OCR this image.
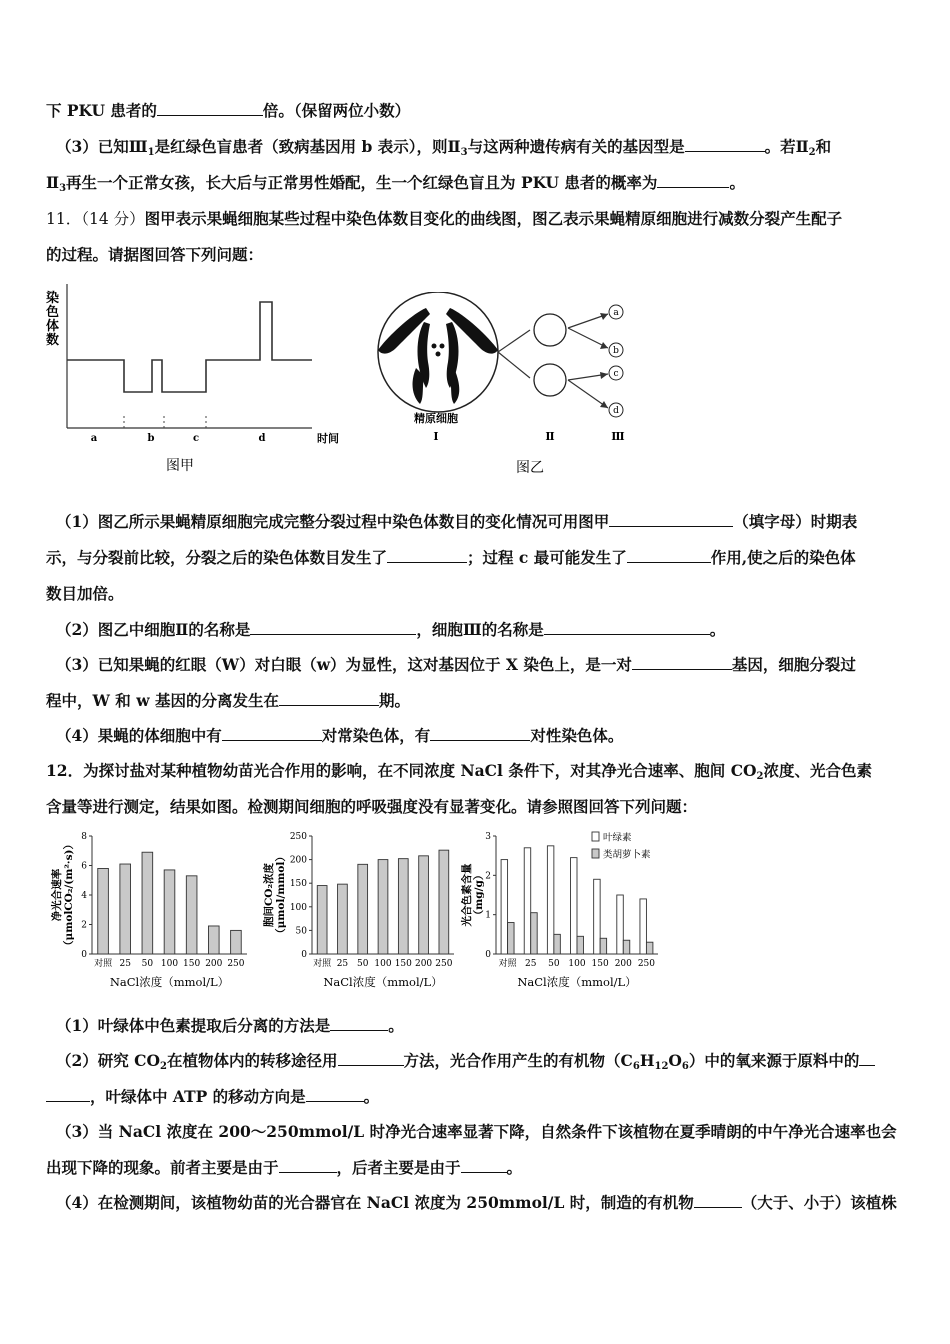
下 PKU 患者的	倍。（保留两位小数）
（3）已知$Ⅲ_1$是红绿色盲患者（致病基因用 b 表示），则$Ⅱ_3$与这两种遗传病有关的基因型是	。若$Ⅱ_2$和
$Ⅱ_3$再生一个正常女孩，长大后与正常男性婚配，生一个红绿色盲且为 PKU 患者的概率为	。
11．（14 分）图甲表示果蝇细胞某些过程中染色体数目变化的曲线图，图乙表示果蝇精原细胞进行减数分裂产生配子
的过程。请据图回答下列问题：
染
色
体
数
a	b	c	d	时间
图甲
a
b
c
d
精原细胞
Ⅰ	Ⅱ	Ⅲ
图乙
（1）图乙所示果蝇精原细胞完成完整分裂过程中染色体数目的变化情况可用图甲	（填字母）时期表
示，与分裂前比较，分裂之后的染色体数目发生了	；过程 c 最可能发生了	作用,使之后的染色体
数目加倍。
（2）图乙中细胞Ⅱ的名称是	，细胞Ⅲ的名称是	。
（3）已知果蝇的红眼（W）对白眼（w）为显性，这对基因位于 X 染色上，是一对	基因，细胞分裂过
程中，W 和 w 基因的分离发生在	期。
（4）果蝇的体细胞中有	对常染色体，有	对性染色体。
12．为探讨盐对某种植物幼苗光合作用的影响，在不同浓度 NaCl 条件下，对其净光合速率、胞间 $CO_2$浓度、光合色素
含量等进行测定，结果如图。检测期间细胞的呼吸强度没有显著变化。请参照图回答下列问题：
净光合速率（μmolCO₂/(m²·s)）
0
2
4
6
8
对照 25 50 100 150 200 250
NaCl浓度（mmol/L）
胞间CO₂浓度（μmol/mmol）
0
50
100
150
200
250
对照 25 50 100 150 200 250
NaCl浓度（mmol/L）
光合色素含量（mg/g）
0
1
2
3
对照 25 50 100 150 200 250
NaCl浓度（mmol/L）
叶绿素
类胡萝卜素
（1）叶绿体中色素提取后分离的方法是	。
（2）研究 $CO_2$在植物体内的转移途径用	方法，光合作用产生的有机物$(C_6H_{12}O_6)$中的氧来源于原料中的
，叶绿体中 ATP 的移动方向是	。
（3）当 NaCl 浓度在 200～250mmol/L 时净光合速率显著下降，自然条件下该植物在夏季晴朗的中午净光合速率也会
出现下降的现象。前者主要是由于	，后者主要是由于	。
（4）在检测期间，该植物幼苗的光合器官在 NaCl 浓度为 250mmol/L 时，制造的有机物	（大于、小于）该植株
